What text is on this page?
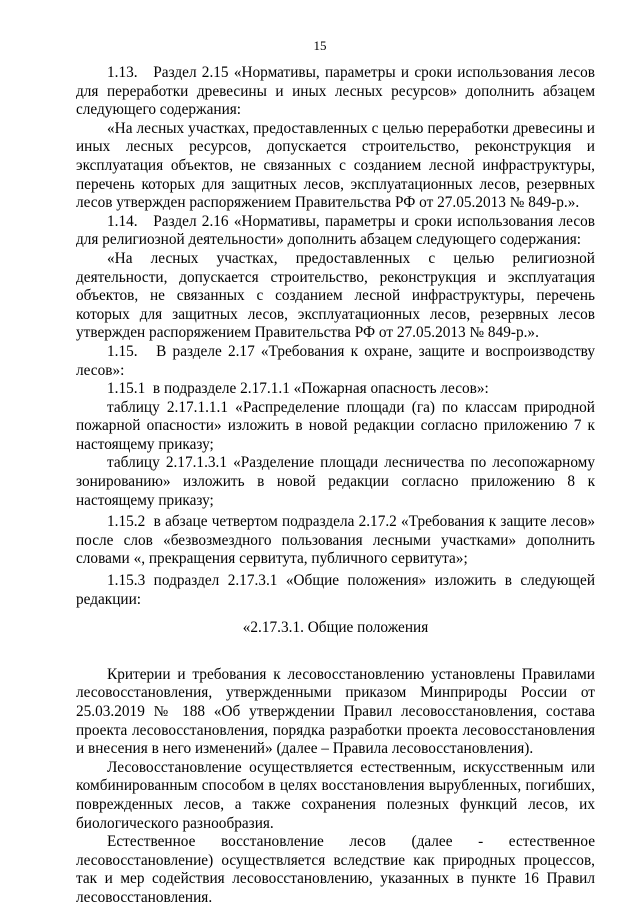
15

1.13.   Раздел 2.15 «Нормативы, параметры и сроки использования лесов для переработки древесины и иных лесных ресурсов» дополнить абзацем следующего содержания:

«На лесных участках, предоставленных с целью переработки древесины и иных лесных ресурсов, допускается строительство, реконструкция и эксплуатация объектов, не связанных с созданием лесной инфраструктуры, перечень которых для защитных лесов, эксплуатационных лесов, резервных лесов утвержден распоряжением Правительства РФ от 27.05.2013 № 849-р.».

1.14.   Раздел 2.16 «Нормативы, параметры и сроки использования лесов для религиозной деятельности» дополнить абзацем следующего содержания:

«На лесных участках, предоставленных с целью религиозной деятельности, допускается строительство, реконструкция и эксплуатация объектов, не связанных с созданием лесной инфраструктуры, перечень которых для защитных лесов, эксплуатационных лесов, резервных лесов утвержден распоряжением Правительства РФ от 27.05.2013 № 849-р.».

1.15.   В разделе 2.17 «Требования к охране, защите и воспроизводству лесов»:

1.15.1  в подразделе 2.17.1.1 «Пожарная опасность лесов»:

таблицу 2.17.1.1.1 «Распределение площади (га) по классам природной пожарной опасности» изложить в новой редакции согласно приложению 7 к настоящему приказу;

таблицу 2.17.1.3.1 «Разделение площади лесничества по лесопожарному зонированию» изложить в новой редакции согласно приложению 8 к настоящему приказу;

1.15.2  в абзаце четвертом подраздела 2.17.2 «Требования к защите лесов» после слов «безвозмездного пользования лесными участками» дополнить словами «, прекращения сервитута, публичного сервитута»;

1.15.3 подраздел 2.17.3.1 «Общие положения» изложить в следующей редакции:

«2.17.3.1. Общие положения

Критерии и требования к лесовосстановлению установлены Правилами лесовосстановления, утвержденными приказом Минприроды России от 25.03.2019 № 188 «Об утверждении Правил лесовосстановления, состава проекта лесовосстановления, порядка разработки проекта лесовосстановления и внесения в него изменений» (далее – Правила лесовосстановления).

Лесовосстановление осуществляется естественным, искусственным или комбинированным способом в целях восстановления вырубленных, погибших, поврежденных лесов, а также сохранения полезных функций лесов, их биологического разнообразия.

Естественное восстановление лесов (далее - естественное лесовосстановление) осуществляется вследствие как природных процессов, так и мер содействия лесовосстановлению, указанных в пункте 16 Правил лесовосстановления.
